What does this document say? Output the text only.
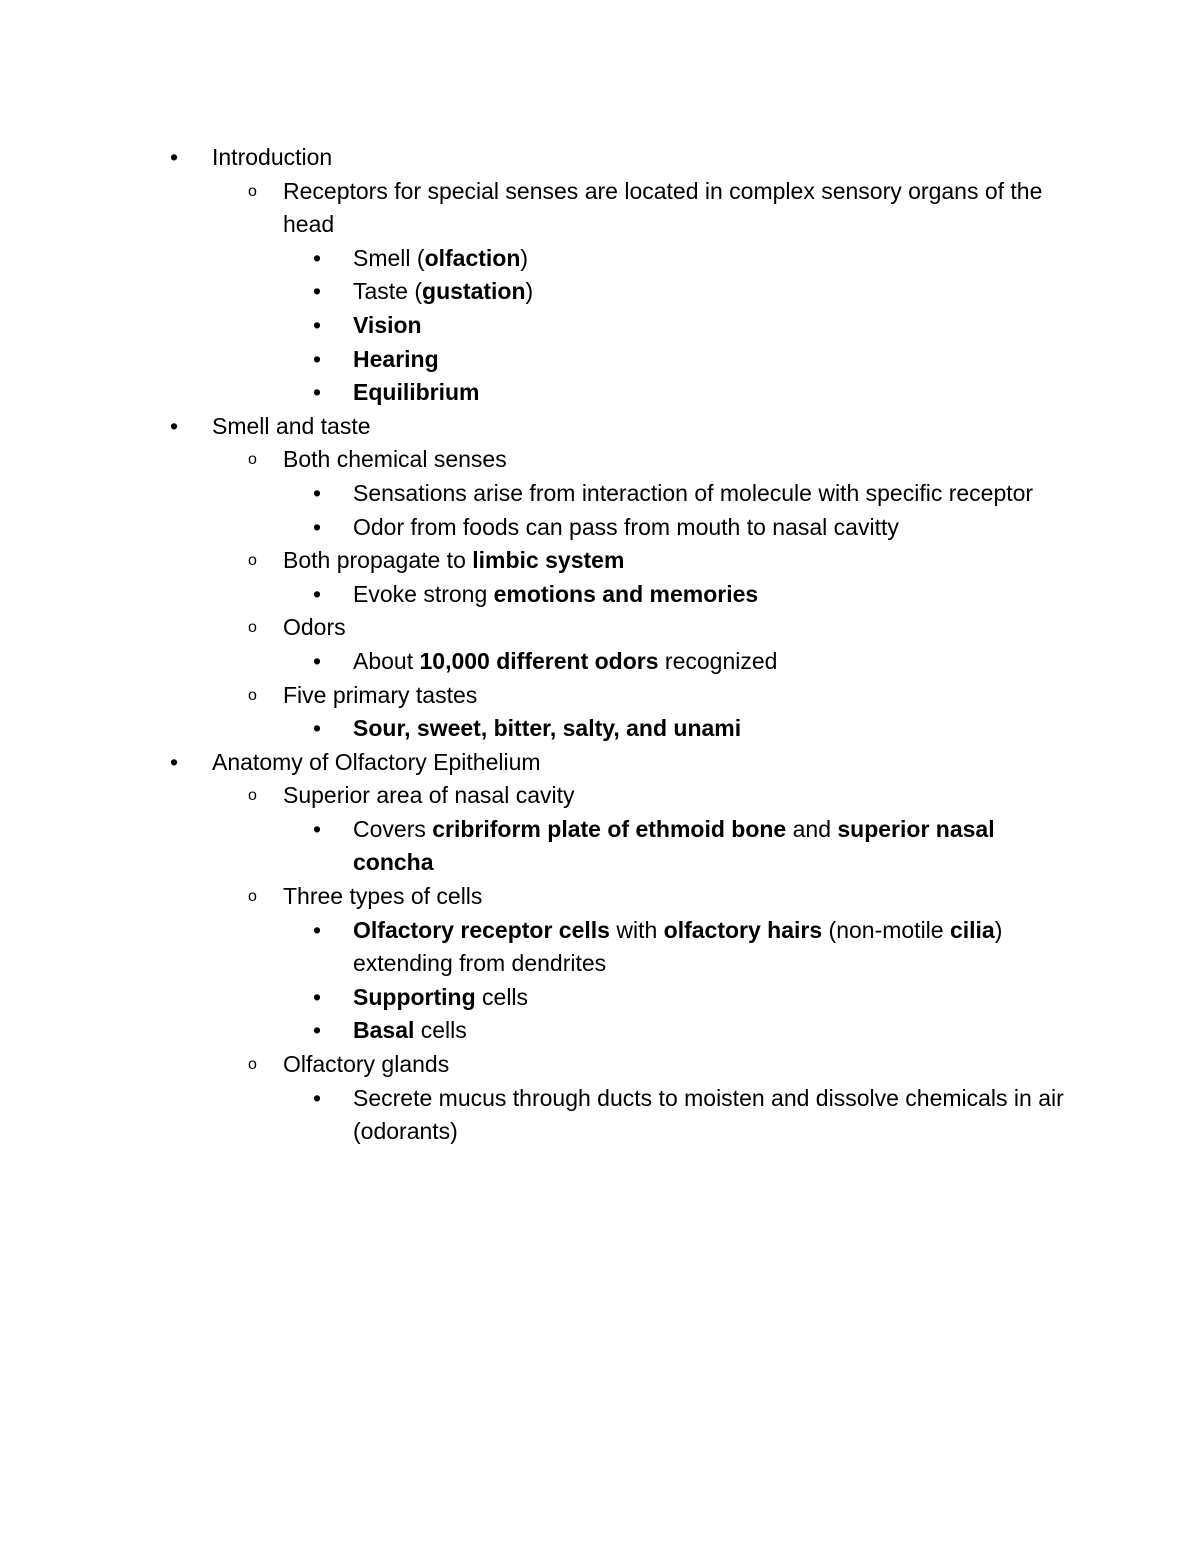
• Introduction
o Receptors for special senses are located in complex sensory organs of the head
• Smell (olfaction)
• Taste (gustation)
• Vision
• Hearing
• Equilibrium
• Smell and taste
o Both chemical senses
• Sensations arise from interaction of molecule with specific receptor
• Odor from foods can pass from mouth to nasal cavitty
o Both propagate to limbic system
• Evoke strong emotions and memories
o Odors
• About 10,000 different odors recognized
o Five primary tastes
• Sour, sweet, bitter, salty, and unami
• Anatomy of Olfactory Epithelium
o Superior area of nasal cavity
• Covers cribriform plate of ethmoid bone and superior nasal concha
o Three types of cells
• Olfactory receptor cells with olfactory hairs (non-motile cilia) extending from dendrites
• Supporting cells
• Basal cells
o Olfactory glands
• Secrete mucus through ducts to moisten and dissolve chemicals in air (odorants)
